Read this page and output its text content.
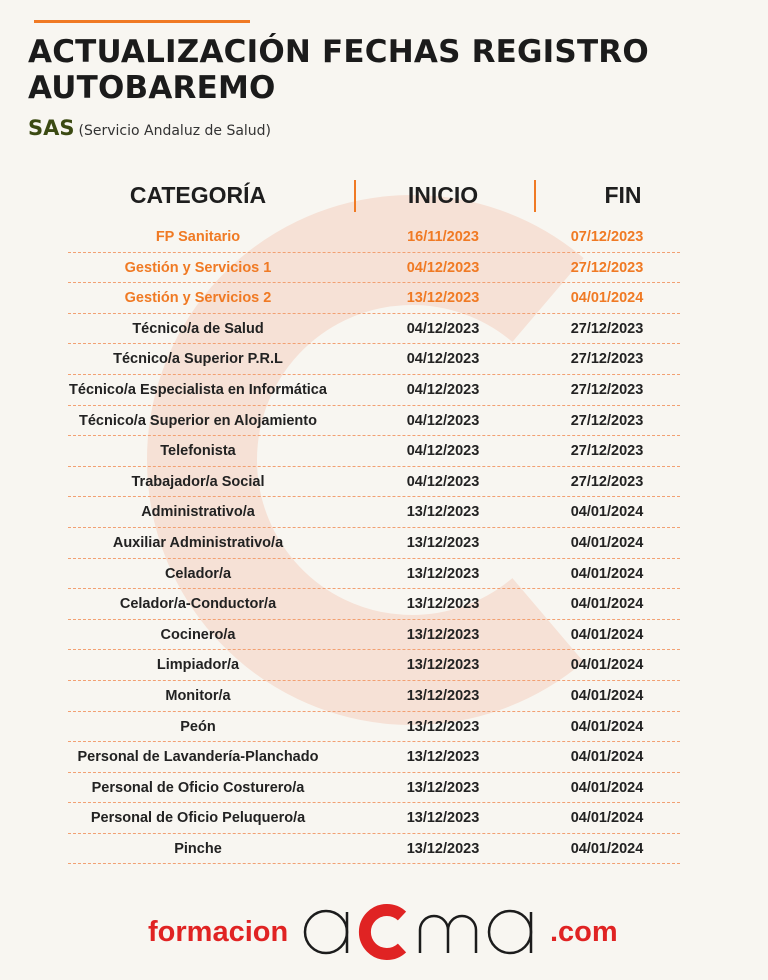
ACTUALIZACIÓN FECHAS REGISTRO AUTOBAREMO
SAS (Servicio Andaluz de Salud)
CATEGORÍA	INICIO	FIN
FP Sanitario	16/11/2023	07/12/2023
Gestión y Servicios 1	04/12/2023	27/12/2023
Gestión y Servicios 2	13/12/2023	04/01/2024
Técnico/a de Salud	04/12/2023	27/12/2023
Técnico/a Superior P.R.L	04/12/2023	27/12/2023
Técnico/a Especialista en Informática	04/12/2023	27/12/2023
Técnico/a Superior en Alojamiento	04/12/2023	27/12/2023
Telefonista	04/12/2023	27/12/2023
Trabajador/a Social	04/12/2023	27/12/2023
Administrativo/a	13/12/2023	04/01/2024
Auxiliar Administrativo/a	13/12/2023	04/01/2024
Celador/a	13/12/2023	04/01/2024
Celador/a-Conductor/a	13/12/2023	04/01/2024
Cocinero/a	13/12/2023	04/01/2024
Limpiador/a	13/12/2023	04/01/2024
Monitor/a	13/12/2023	04/01/2024
Peón	13/12/2023	04/01/2024
Personal de Lavandería-Planchado	13/12/2023	04/01/2024
Personal de Oficio Costurero/a	13/12/2023	04/01/2024
Personal de Oficio Peluquero/a	13/12/2023	04/01/2024
Pinche	13/12/2023	04/01/2024
formacion
acma
.com
